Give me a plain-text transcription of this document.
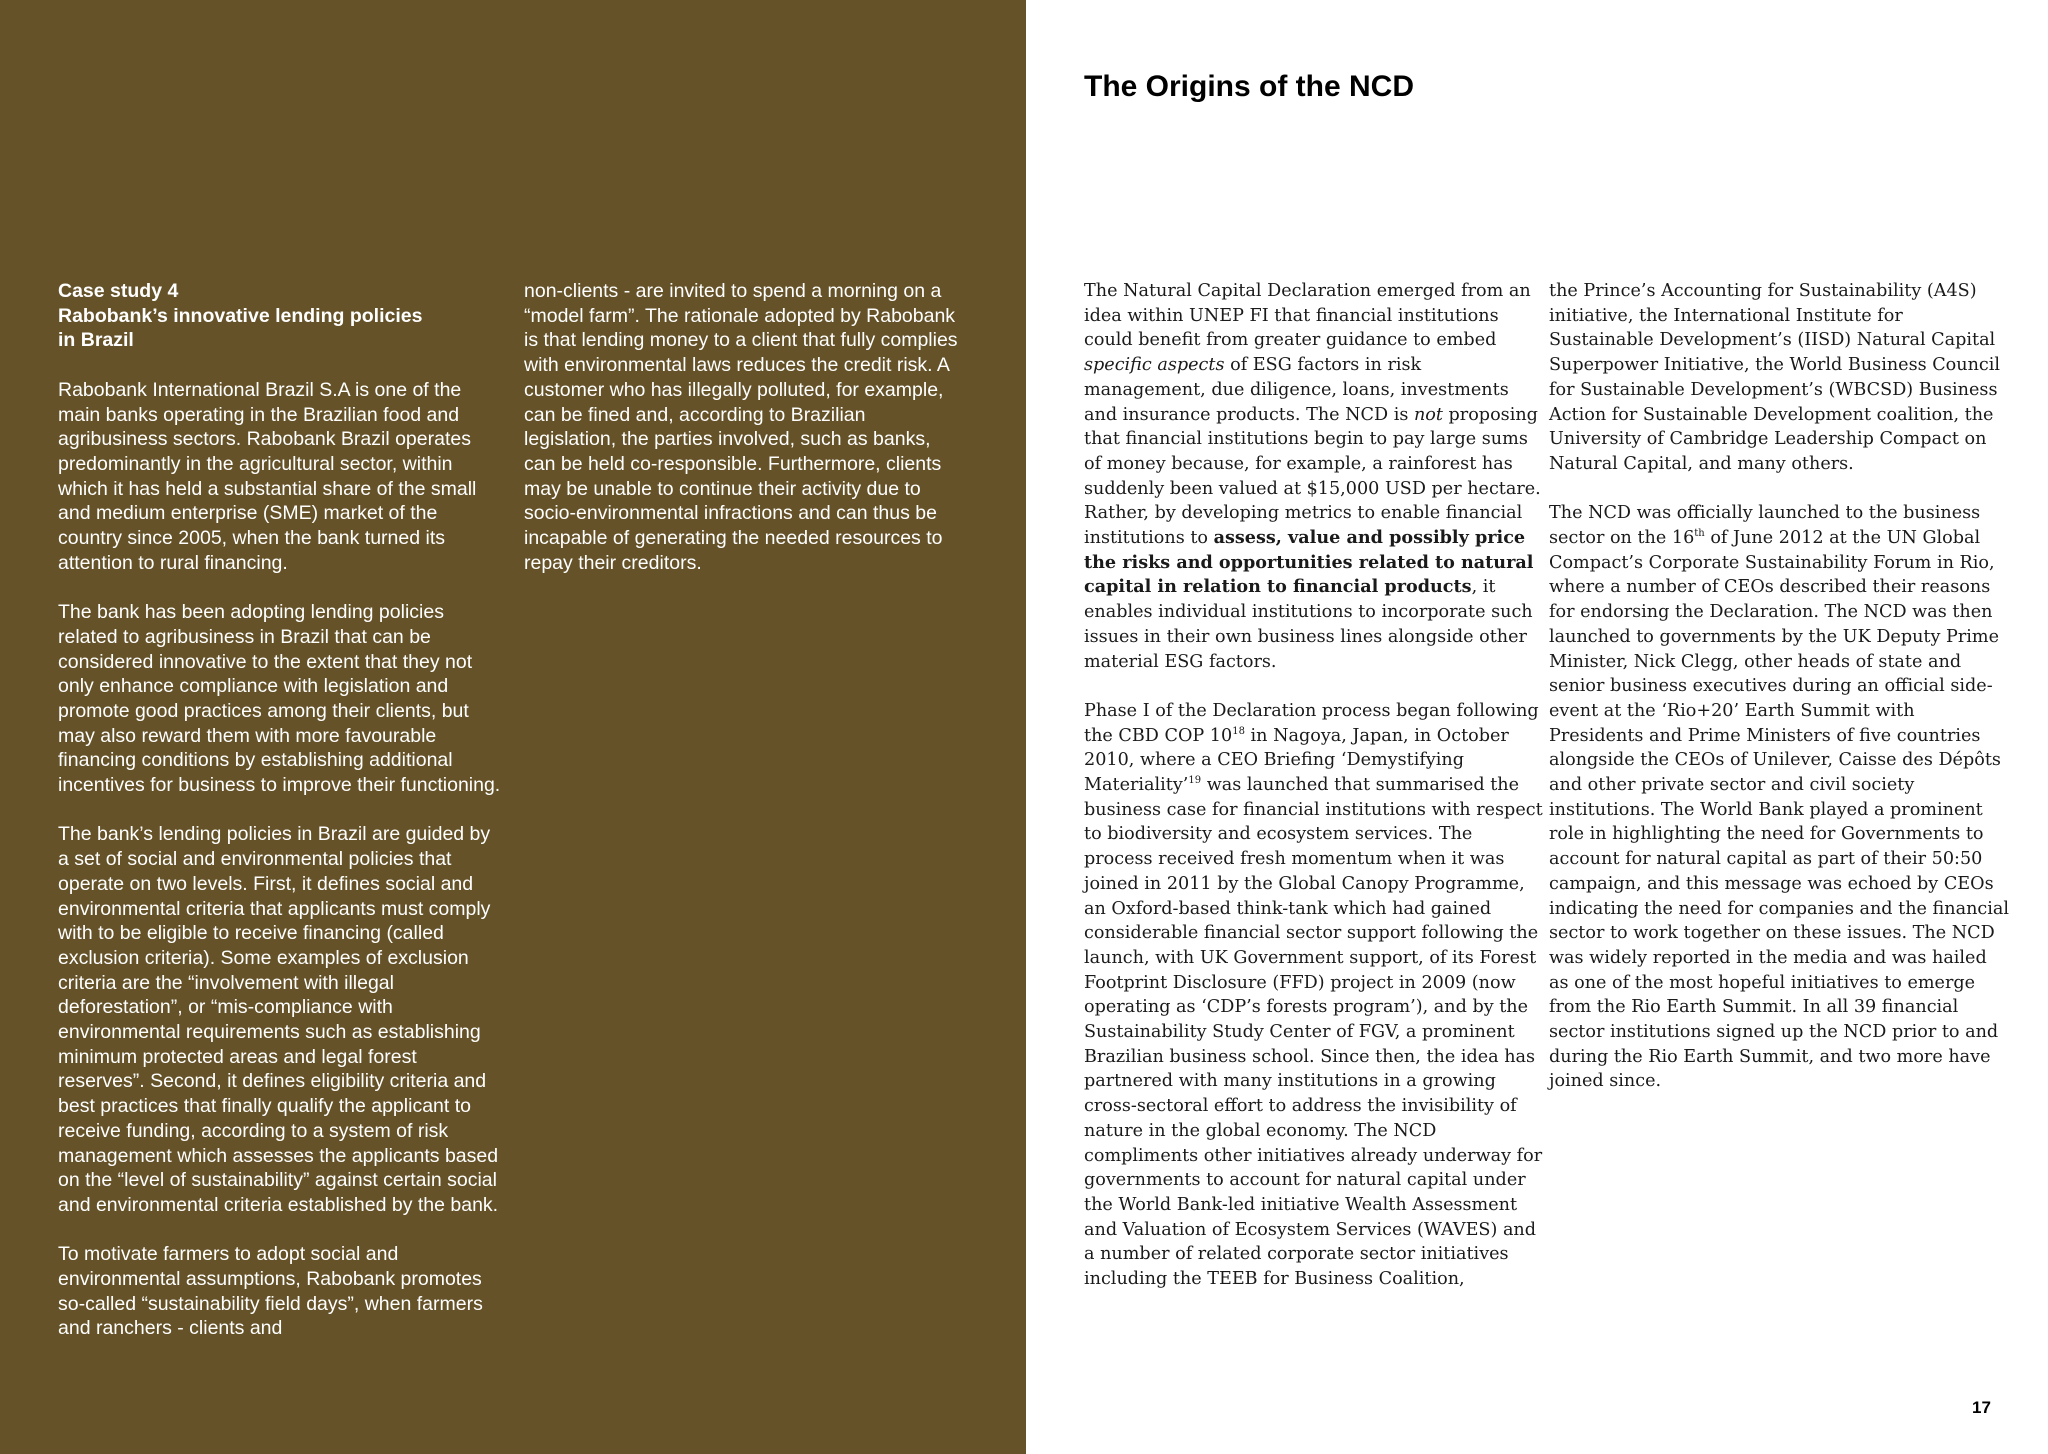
Case study 4
Rabobank’s innovative lending policies
in Brazil

Rabobank International Brazil S.A is one of the main banks operating in the Brazilian food and agribusiness sectors. Rabobank Brazil operates predominantly in the agricultural sector, within which it has held a substantial share of the small and medium enterprise (SME) market of the country since 2005, when the bank turned its attention to rural financing.

The bank has been adopting lending policies related to agribusiness in Brazil that can be considered innovative to the extent that they not only enhance compliance with legislation and promote good practices among their clients, but may also reward them with more favourable financing conditions by establishing additional incentives for business to improve their functioning.

The bank’s lending policies in Brazil are guided by a set of social and environmental policies that operate on two levels. First, it defines social and environmental criteria that applicants must comply with to be eligible to receive financing (called exclusion criteria). Some examples of exclusion criteria are the “involvement with illegal deforestation”, or “mis-compliance with environmental requirements such as establishing minimum protected areas and legal forest reserves”. Second, it defines eligibility criteria and best practices that finally qualify the applicant to receive funding, according to a system of risk management which assesses the applicants based on the “level of sustainability” against certain social and environmental criteria established by the bank.

To motivate farmers to adopt social and environmental assumptions, Rabobank promotes so-called “sustainability field days”, when farmers and ranchers - clients and

non-clients - are invited to spend a morning on a “model farm”. The rationale adopted by Rabobank is that lending money to a client that fully complies with environmental laws reduces the credit risk. A customer who has illegally polluted, for example, can be fined and, according to Brazilian legislation, the parties involved, such as banks, can be held co-responsible. Furthermore, clients may be unable to continue their activity due to socio-environmental infractions and can thus be incapable of generating the needed resources to repay their creditors.

The Origins of the NCD

The Natural Capital Declaration emerged from an idea within UNEP FI that financial institutions could benefit from greater guidance to embed specific aspects of ESG factors in risk management, due diligence, loans, investments and insurance products. The NCD is not proposing that financial institutions begin to pay large sums of money because, for example, a rainforest has suddenly been valued at $15,000 USD per hectare. Rather, by developing metrics to enable financial institutions to assess, value and possibly price the risks and opportunities related to natural capital in relation to financial products, it enables individual institutions to incorporate such issues in their own business lines alongside other material ESG factors.

Phase I of the Declaration process began following the CBD COP $10^{18}$ in Nagoya, Japan, in October 2010, where a CEO Briefing ‘Demystifying Materiality’$^{19}$ was launched that summarised the business case for financial institutions with respect to biodiversity and ecosystem services. The process received fresh momentum when it was joined in 2011 by the Global Canopy Programme, an Oxford-based think-tank which had gained considerable financial sector support following the launch, with UK Government support, of its Forest Footprint Disclosure (FFD) project in 2009 (now operating as ‘CDP’s forests program’), and by the Sustainability Study Center of FGV, a prominent Brazilian business school. Since then, the idea has partnered with many institutions in a growing cross-sectoral effort to address the invisibility of nature in the global economy. The NCD compliments other initiatives already underway for governments to account for natural capital under the World Bank-led initiative Wealth Assessment and Valuation of Ecosystem Services (WAVES) and a number of related corporate sector initiatives including the TEEB for Business Coalition,

the Prince’s Accounting for Sustainability (A4S) initiative, the International Institute for Sustainable Development’s (IISD) Natural Capital Superpower Initiative, the World Business Council for Sustainable Development’s (WBCSD) Business Action for Sustainable Development coalition, the University of Cambridge Leadership Compact on Natural Capital, and many others.

The NCD was officially launched to the business sector on the 16th of June 2012 at the UN Global Compact’s Corporate Sustainability Forum in Rio, where a number of CEOs described their reasons for endorsing the Declaration. The NCD was then launched to governments by the UK Deputy Prime Minister, Nick Clegg, other heads of state and senior business executives during an official side-event at the ‘Rio+20’ Earth Summit with Presidents and Prime Ministers of five countries alongside the CEOs of Unilever, Caisse des Dépôts and other private sector and civil society institutions. The World Bank played a prominent role in highlighting the need for Governments to account for natural capital as part of their 50:50 campaign, and this message was echoed by CEOs indicating the need for companies and the financial sector to work together on these issues. The NCD was widely reported in the media and was hailed as one of the most hopeful initiatives to emerge from the Rio Earth Summit. In all 39 financial sector institutions signed up the NCD prior to and during the Rio Earth Summit, and two more have joined since.

17
